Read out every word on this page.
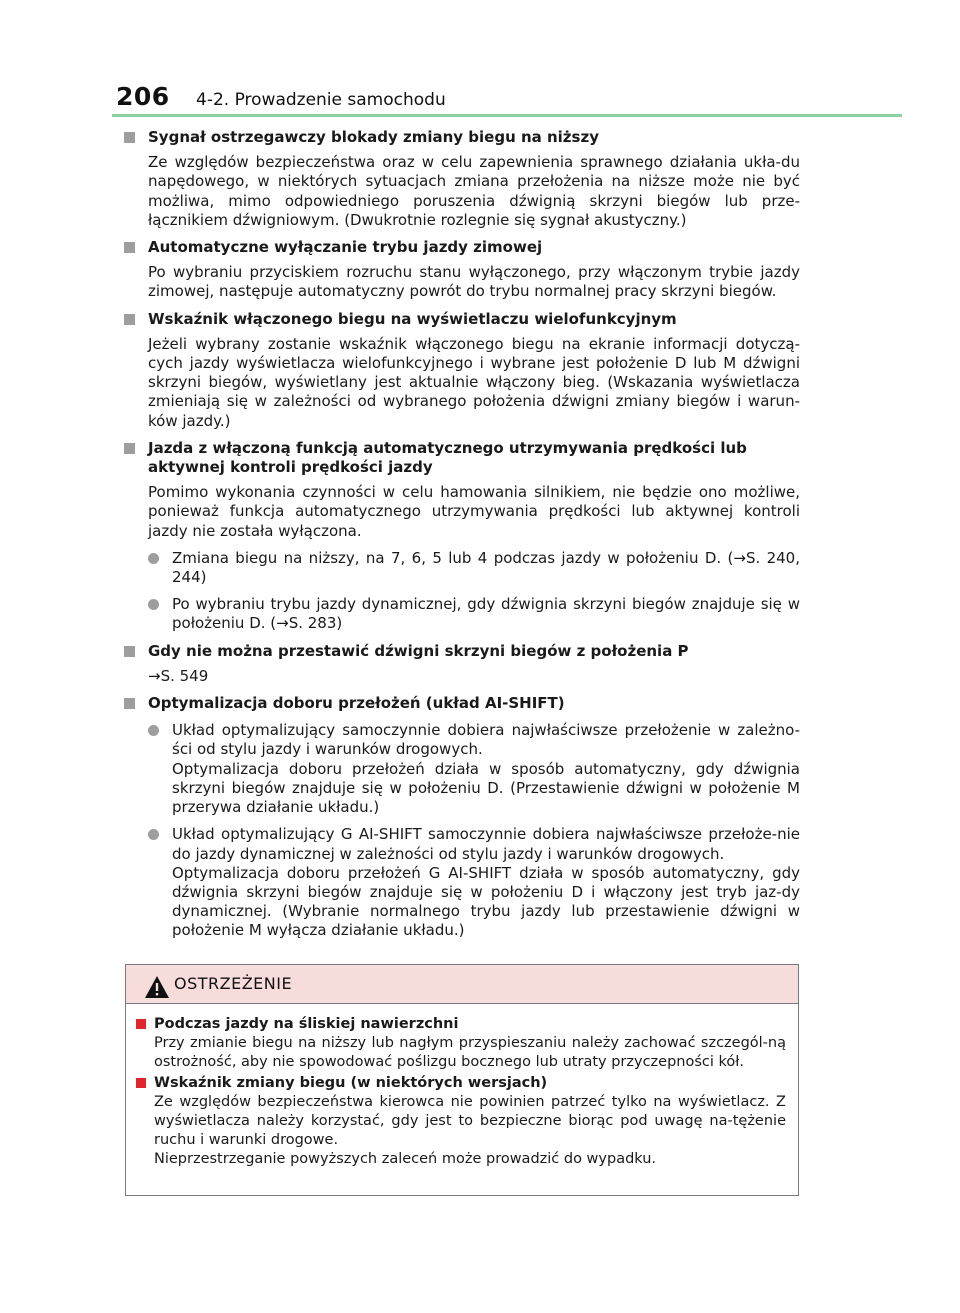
206 4-2. Prowadzenie samochodu
Sygnał ostrzegawczy blokady zmiany biegu na niższy
Ze względów bezpieczeństwa oraz w celu zapewnienia sprawnego działania ukła-du napędowego, w niektórych sytuacjach zmiana przełożenia na niższe może nie być możliwa, mimo odpowiedniego poruszenia dźwignią skrzyni biegów lub prze-łącznikiem dźwigniowym. (Dwukrotnie rozlegnie się sygnał akustyczny.)
Automatyczne wyłączanie trybu jazdy zimowej
Po wybraniu przyciskiem rozruchu stanu wyłączonego, przy włączonym trybie jazdy zimowej, następuje automatyczny powrót do trybu normalnej pracy skrzyni biegów.
Wskaźnik włączonego biegu na wyświetlaczu wielofunkcyjnym
Jeżeli wybrany zostanie wskaźnik włączonego biegu na ekranie informacji dotyczą-cych jazdy wyświetlacza wielofunkcyjnego i wybrane jest położenie D lub M dźwigni skrzyni biegów, wyświetlany jest aktualnie włączony bieg. (Wskazania wyświetlacza zmieniają się w zależności od wybranego położenia dźwigni zmiany biegów i warun-ków jazdy.)
Jazda z włączoną funkcją automatycznego utrzymywania prędkości lub aktywnej kontroli prędkości jazdy
Pomimo wykonania czynności w celu hamowania silnikiem, nie będzie ono możliwe, ponieważ funkcja automatycznego utrzymywania prędkości lub aktywnej kontroli jazdy nie została wyłączona.
Zmiana biegu na niższy, na 7, 6, 5 lub 4 podczas jazdy w położeniu D. (→S. 240, 244)
Po wybraniu trybu jazdy dynamicznej, gdy dźwignia skrzyni biegów znajduje się w położeniu D. (→S. 283)
Gdy nie można przestawić dźwigni skrzyni biegów z położenia P
→S. 549
Optymalizacja doboru przełożeń (układ AI-SHIFT)
Układ optymalizujący samoczynnie dobiera najwłaściwsze przełożenie w zależno-ści od stylu jazdy i warunków drogowych.
Optymalizacja doboru przełożeń działa w sposób automatyczny, gdy dźwignia skrzyni biegów znajduje się w położeniu D. (Przestawienie dźwigni w położenie M przerywa działanie układu.)
Układ optymalizujący G AI-SHIFT samoczynnie dobiera najwłaściwsze przełoże-nie do jazdy dynamicznej w zależności od stylu jazdy i warunków drogowych.
Optymalizacja doboru przełożeń G AI-SHIFT działa w sposób automatyczny, gdy dźwignia skrzyni biegów znajduje się w położeniu D i włączony jest tryb jaz-dy dynamicznej. (Wybranie normalnego trybu jazdy lub przestawienie dźwigni w położenie M wyłącza działanie układu.)
OSTRZEŻENIE
Podczas jazdy na śliskiej nawierzchni
Przy zmianie biegu na niższy lub nagłym przyspieszaniu należy zachować szczegól-ną ostrożność, aby nie spowodować poślizgu bocznego lub utraty przyczepności kół.
Wskaźnik zmiany biegu (w niektórych wersjach)
Ze względów bezpieczeństwa kierowca nie powinien patrzeć tylko na wyświetlacz. Z wyświetlacza należy korzystać, gdy jest to bezpieczne biorąc pod uwagę na-tężenie ruchu i warunki drogowe.
Nieprzestrzeganie powyższych zaleceń może prowadzić do wypadku.
